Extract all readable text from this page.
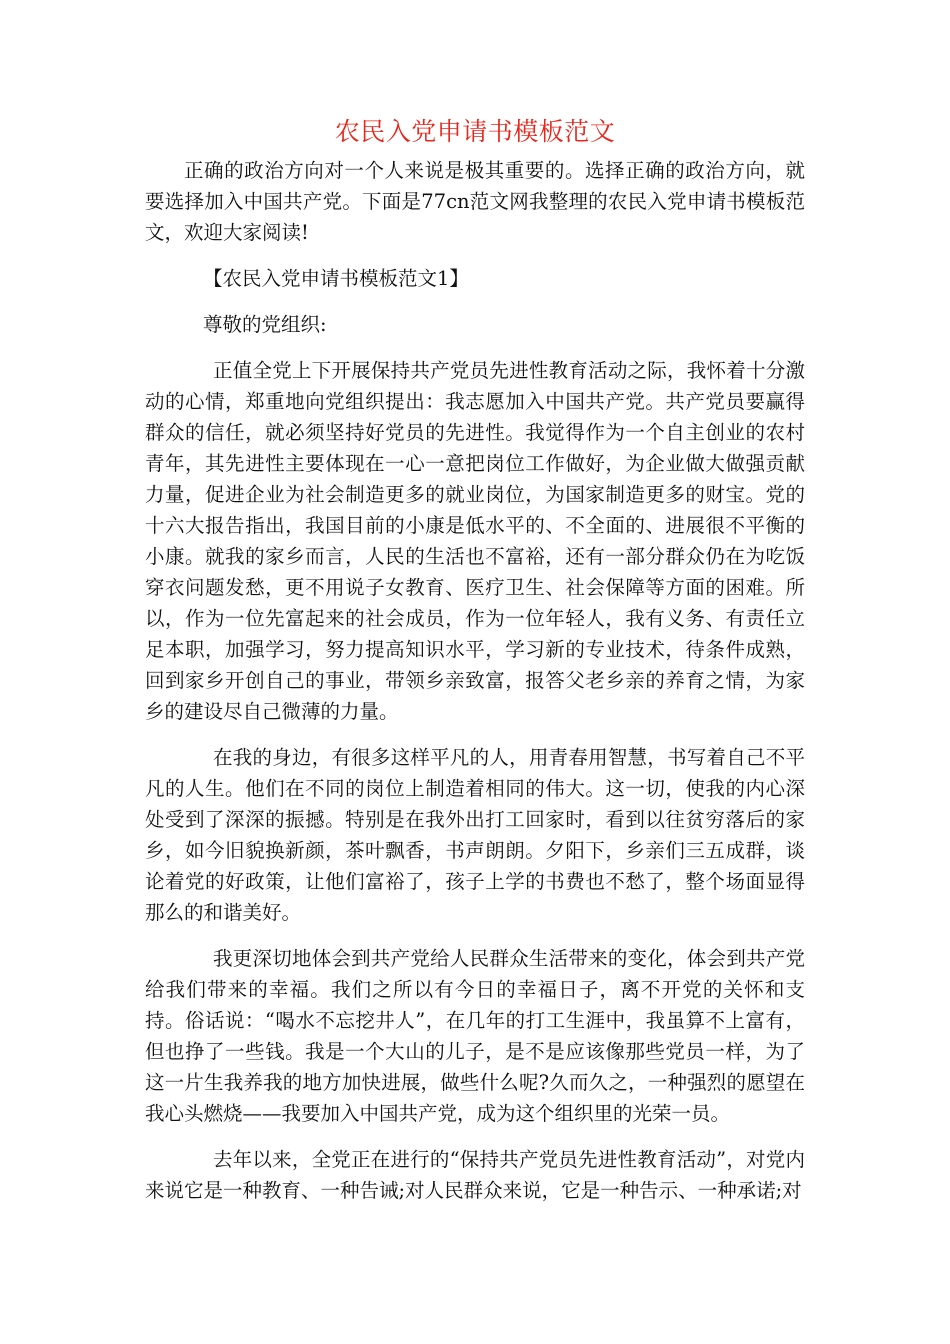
农民入党申请书模板范文

正确的政治方向对一个人来说是极其重要的。选择正确的政治方向，就要选择加入中国共产党。下面是77cn范文网我整理的农民入党申请书模板范文，欢迎大家阅读!

【农民入党申请书模板范文1】

尊敬的党组织:

正值全党上下开展保持共产党员先进性教育活动之际，我怀着十分激动的心情，郑重地向党组织提出：我志愿加入中国共产党。共产党员要赢得群众的信任，就必须坚持好党员的先进性。我觉得作为一个自主创业的农村青年，其先进性主要体现在一心一意把岗位工作做好，为企业做大做强贡献力量，促进企业为社会制造更多的就业岗位，为国家制造更多的财宝。党的十六大报告指出，我国目前的小康是低水平的、不全面的、进展很不平衡的小康。就我的家乡而言，人民的生活也不富裕，还有一部分群众仍在为吃饭穿衣问题发愁，更不用说子女教育、医疗卫生、社会保障等方面的困难。所以，作为一位先富起来的社会成员，作为一位年轻人，我有义务、有责任立足本职，加强学习，努力提高知识水平，学习新的专业技术，待条件成熟，回到家乡开创自己的事业，带领乡亲致富，报答父老乡亲的养育之情，为家乡的建设尽自己微薄的力量。

在我的身边，有很多这样平凡的人，用青春用智慧，书写着自己不平凡的人生。他们在不同的岗位上制造着相同的伟大。这一切，使我的内心深处受到了深深的振撼。特别是在我外出打工回家时，看到以往贫穷落后的家乡，如今旧貌换新颜，茶叶飘香，书声朗朗。夕阳下，乡亲们三五成群，谈论着党的好政策，让他们富裕了，孩子上学的书费也不愁了，整个场面显得那么的和谐美好。

我更深切地体会到共产党给人民群众生活带来的变化，体会到共产党给我们带来的幸福。我们之所以有今日的幸福日子，离不开党的关怀和支持。俗话说：“喝水不忘挖井人”，在几年的打工生涯中，我虽算不上富有，但也挣了一些钱。我是一个大山的儿子，是不是应该像那些党员一样，为了这一片生我养我的地方加快进展，做些什么呢?久而久之，一种强烈的愿望在我心头燃烧——我要加入中国共产党，成为这个组织里的光荣一员。

去年以来，全党正在进行的“保持共产党员先进性教育活动”，对党内来说它是一种教育、一种告诫;对人民群众来说，它是一种告示、一种承诺;对
